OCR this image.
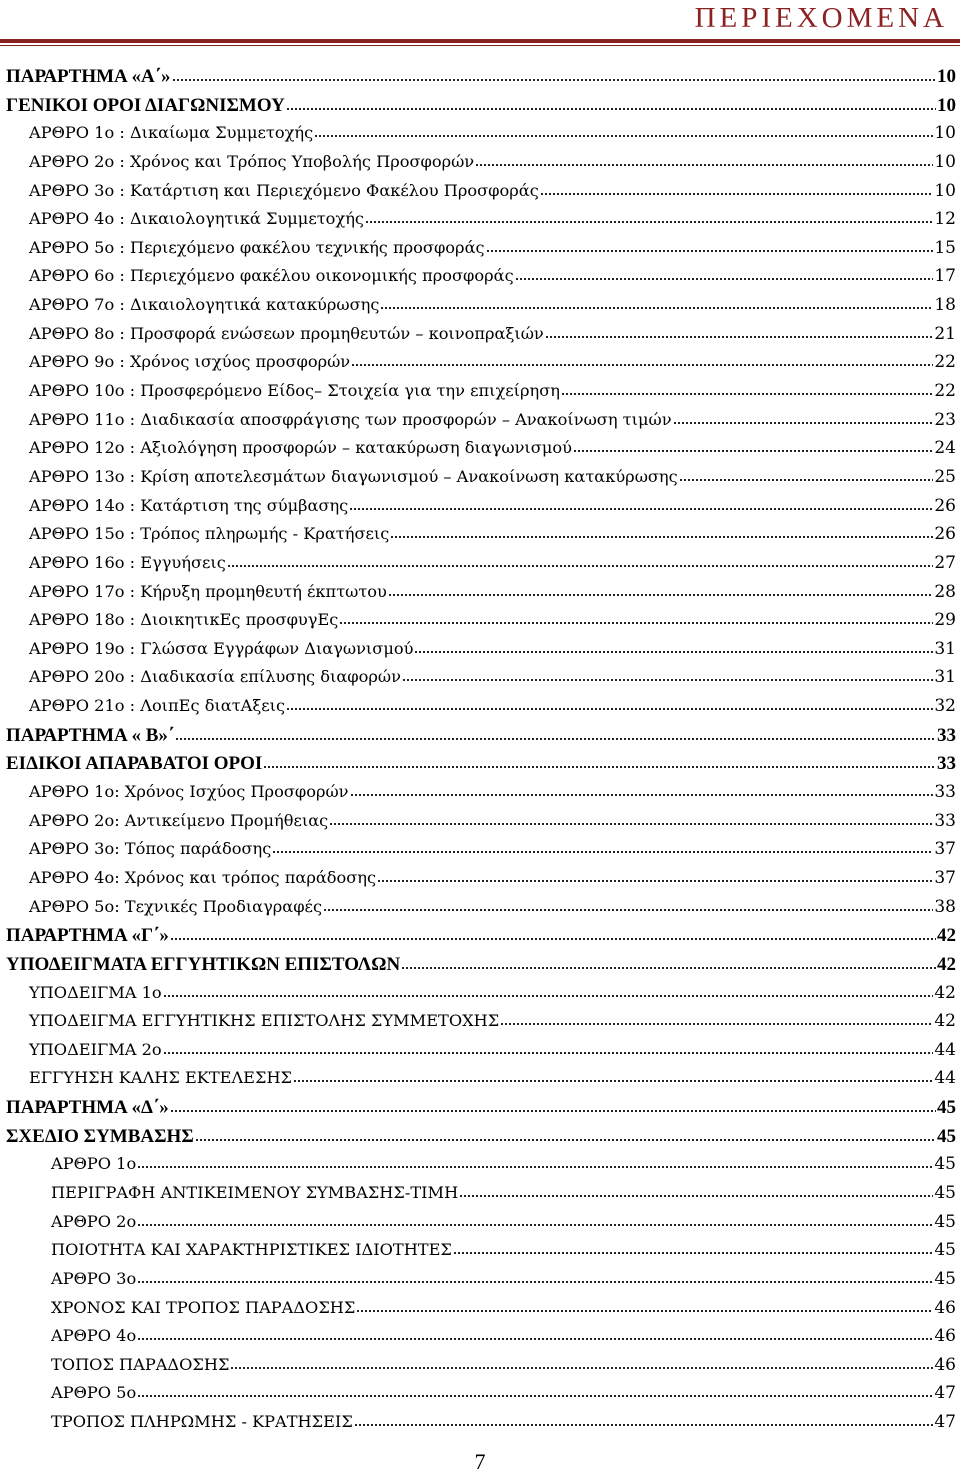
ΠΕΡΙΕΧΟΜΕΝΑ
ΠΑΡΑΡΤΗΜΑ «Α΄»	10
ΓΕΝΙΚΟΙ ΟΡΟΙ ΔΙΑΓΩΝΙΣΜΟΥ	10
ΑΡΘΡΟ 1ο : Δικαίωμα Συμμετοχής	10
ΑΡΘΡΟ 2ο : Χρόνος και Τρόπος Υποβολής Προσφορών	10
ΑΡΘΡΟ 3ο : Κατάρτιση και Περιεχόμενο Φακέλου Προσφοράς	10
ΑΡΘΡΟ 4ο : Δικαιολογητικά Συμμετοχής	12
ΑΡΘΡΟ 5ο : Περιεχόμενο φακέλου τεχνικής προσφοράς	15
ΑΡΘΡΟ 6ο : Περιεχόμενο φακέλου οικονομικής προσφοράς	17
ΑΡΘΡΟ 7ο : Δικαιολογητικά κατακύρωσης	18
ΑΡΘΡΟ 8ο : Προσφορά ενώσεων προμηθευτών – κοινοπραξιών	21
ΑΡΘΡΟ 9ο : Χρόνος ισχύος προσφορών	22
ΑΡΘΡΟ 10ο : Προσφερόμενο Είδος– Στοιχεία για την επιχείρηση	22
ΑΡΘΡΟ 11ο : Διαδικασία αποσφράγισης των προσφορών – Ανακοίνωση τιμών	23
ΑΡΘΡΟ 12ο : Αξιολόγηση προσφορών – κατακύρωση διαγωνισμού	24
ΑΡΘΡΟ 13ο : Κρίση αποτελεσμάτων διαγωνισμού – Ανακοίνωση κατακύρωσης	25
ΑΡΘΡΟ 14ο : Κατάρτιση της σύμβασης	26
ΑΡΘΡΟ 15ο : Τρόπος πληρωμής - Κρατήσεις	26
ΑΡΘΡΟ 16ο : Εγγυήσεις	27
ΑΡΘΡΟ 17ο : Κήρυξη προμηθευτή έκπτωτου	28
ΑΡΘΡΟ 18ο : ΔιοικητικΕς προσφυγΕς	29
ΑΡΘΡΟ 19ο : Γλώσσα Εγγράφων Διαγωνισμού	31
ΑΡΘΡΟ 20ο : Διαδικασία επίλυσης διαφορών	31
ΑΡΘΡΟ 21ο : ΛοιπΕς διατΑξεις	32
ΠΑΡΑΡΤΗΜΑ « Β»΄	33
ΕΙΔΙΚΟΙ ΑΠΑΡΑΒΑΤΟΙ ΟΡΟΙ	33
ΑΡΘΡΟ 1ο: Χρόνος Ισχύος Προσφορών	33
ΑΡΘΡΟ 2ο: Αντικείμενο Προμήθειας	33
ΑΡΘΡΟ 3ο: Τόπος παράδοσης	37
ΑΡΘΡΟ 4ο: Χρόνος και τρόπος παράδοσης	37
ΑΡΘΡΟ 5ο: Τεχνικές Προδιαγραφές	38
ΠΑΡΑΡΤΗΜΑ «Γ΄»	42
ΥΠΟΔΕΙΓΜΑΤΑ ΕΓΓΥΗΤΙΚΩΝ ΕΠΙΣΤΟΛΩΝ	42
ΥΠΟΔΕΙΓΜΑ 1ο	42
ΥΠΟΔΕΙΓΜΑ ΕΓΓΥΗΤΙΚΗΣ ΕΠΙΣΤΟΛΗΣ ΣΥΜΜΕΤΟΧΗΣ	42
ΥΠΟΔΕΙΓΜΑ 2ο	44
ΕΓΓΥΗΣΗ ΚΑΛΗΣ ΕΚΤΕΛΕΣΗΣ	44
ΠΑΡΑΡΤΗΜΑ «Δ΄»	45
ΣΧΕΔΙΟ ΣΥΜΒΑΣΗΣ	45
ΑΡΘΡΟ 1ο	45
ΠΕΡΙΓΡΑΦΗ ΑΝΤΙΚΕΙΜΕΝΟΥ ΣΥΜΒΑΣΗΣ-ΤΙΜΗ	45
ΑΡΘΡΟ 2ο	45
ΠΟΙΟΤΗΤΑ ΚΑΙ ΧΑΡΑΚΤΗΡΙΣΤΙΚΕΣ ΙΔΙΟΤΗΤΕΣ	45
ΑΡΘΡΟ 3ο	45
ΧΡΟΝΟΣ ΚΑΙ ΤΡΟΠΟΣ ΠΑΡΑΔΟΣΗΣ	46
ΑΡΘΡΟ 4ο	46
ΤΟΠΟΣ ΠΑΡΑΔΟΣΗΣ	46
ΑΡΘΡΟ 5ο	47
ΤΡΟΠΟΣ ΠΛΗΡΩΜΗΣ - ΚΡΑΤΗΣΕΙΣ	47
7
